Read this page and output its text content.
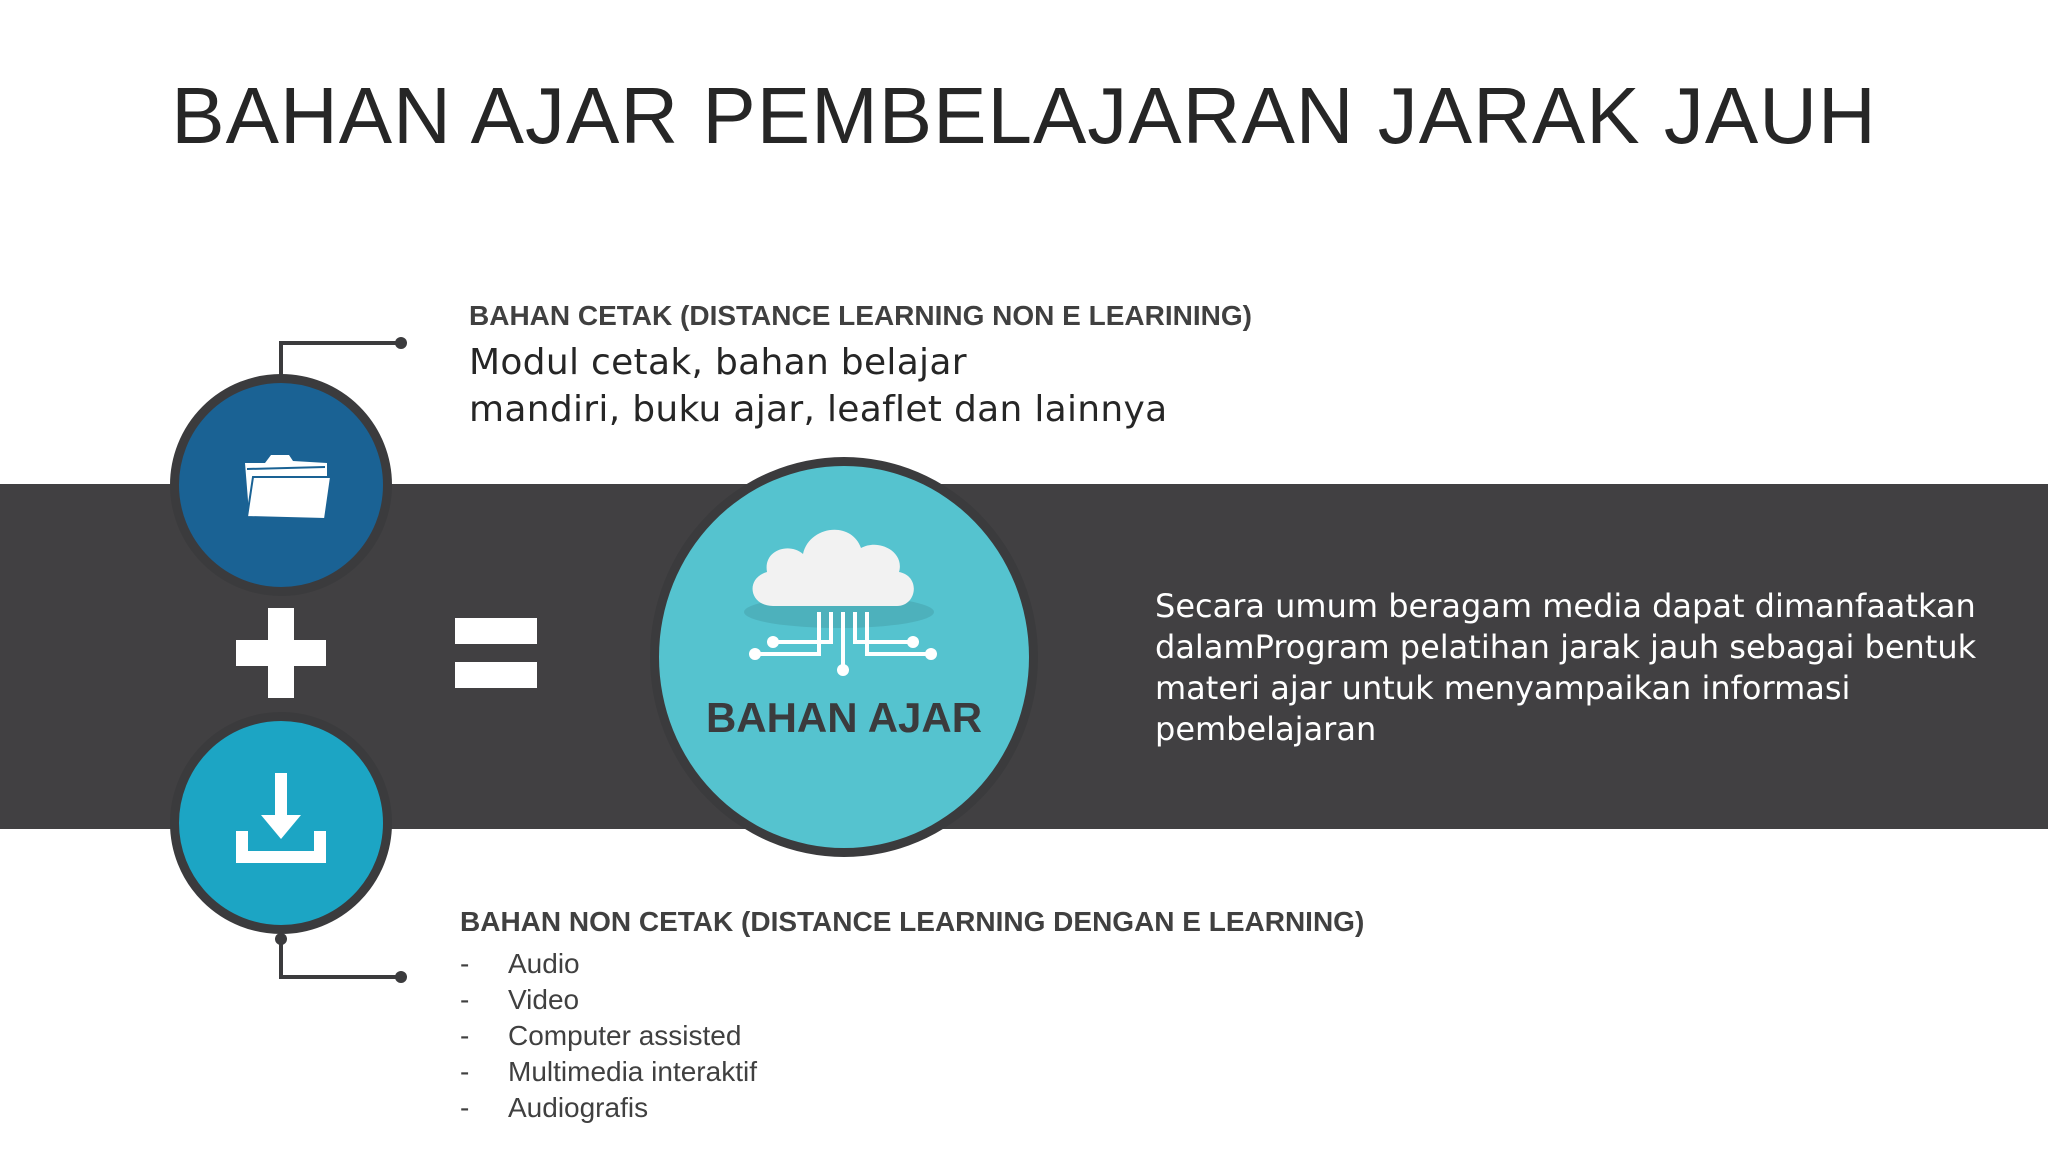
BAHAN AJAR PEMBELAJARAN JARAK JAUH
BAHAN AJAR
BAHAN CETAK (DISTANCE LEARNING NON E LEARINING)
Modul cetak, bahan belajar
mandiri, buku ajar, leaflet dan lainnya
Secara umum beragam media dapat dimanfaatkan
dalamProgram pelatihan jarak jauh sebagai bentuk
materi ajar untuk menyampaikan informasi
pembelajaran
BAHAN NON CETAK (DISTANCE LEARNING DENGAN E LEARNING)
- Audio
- Video
- Computer assisted
- Multimedia interaktif
- Audiografis
